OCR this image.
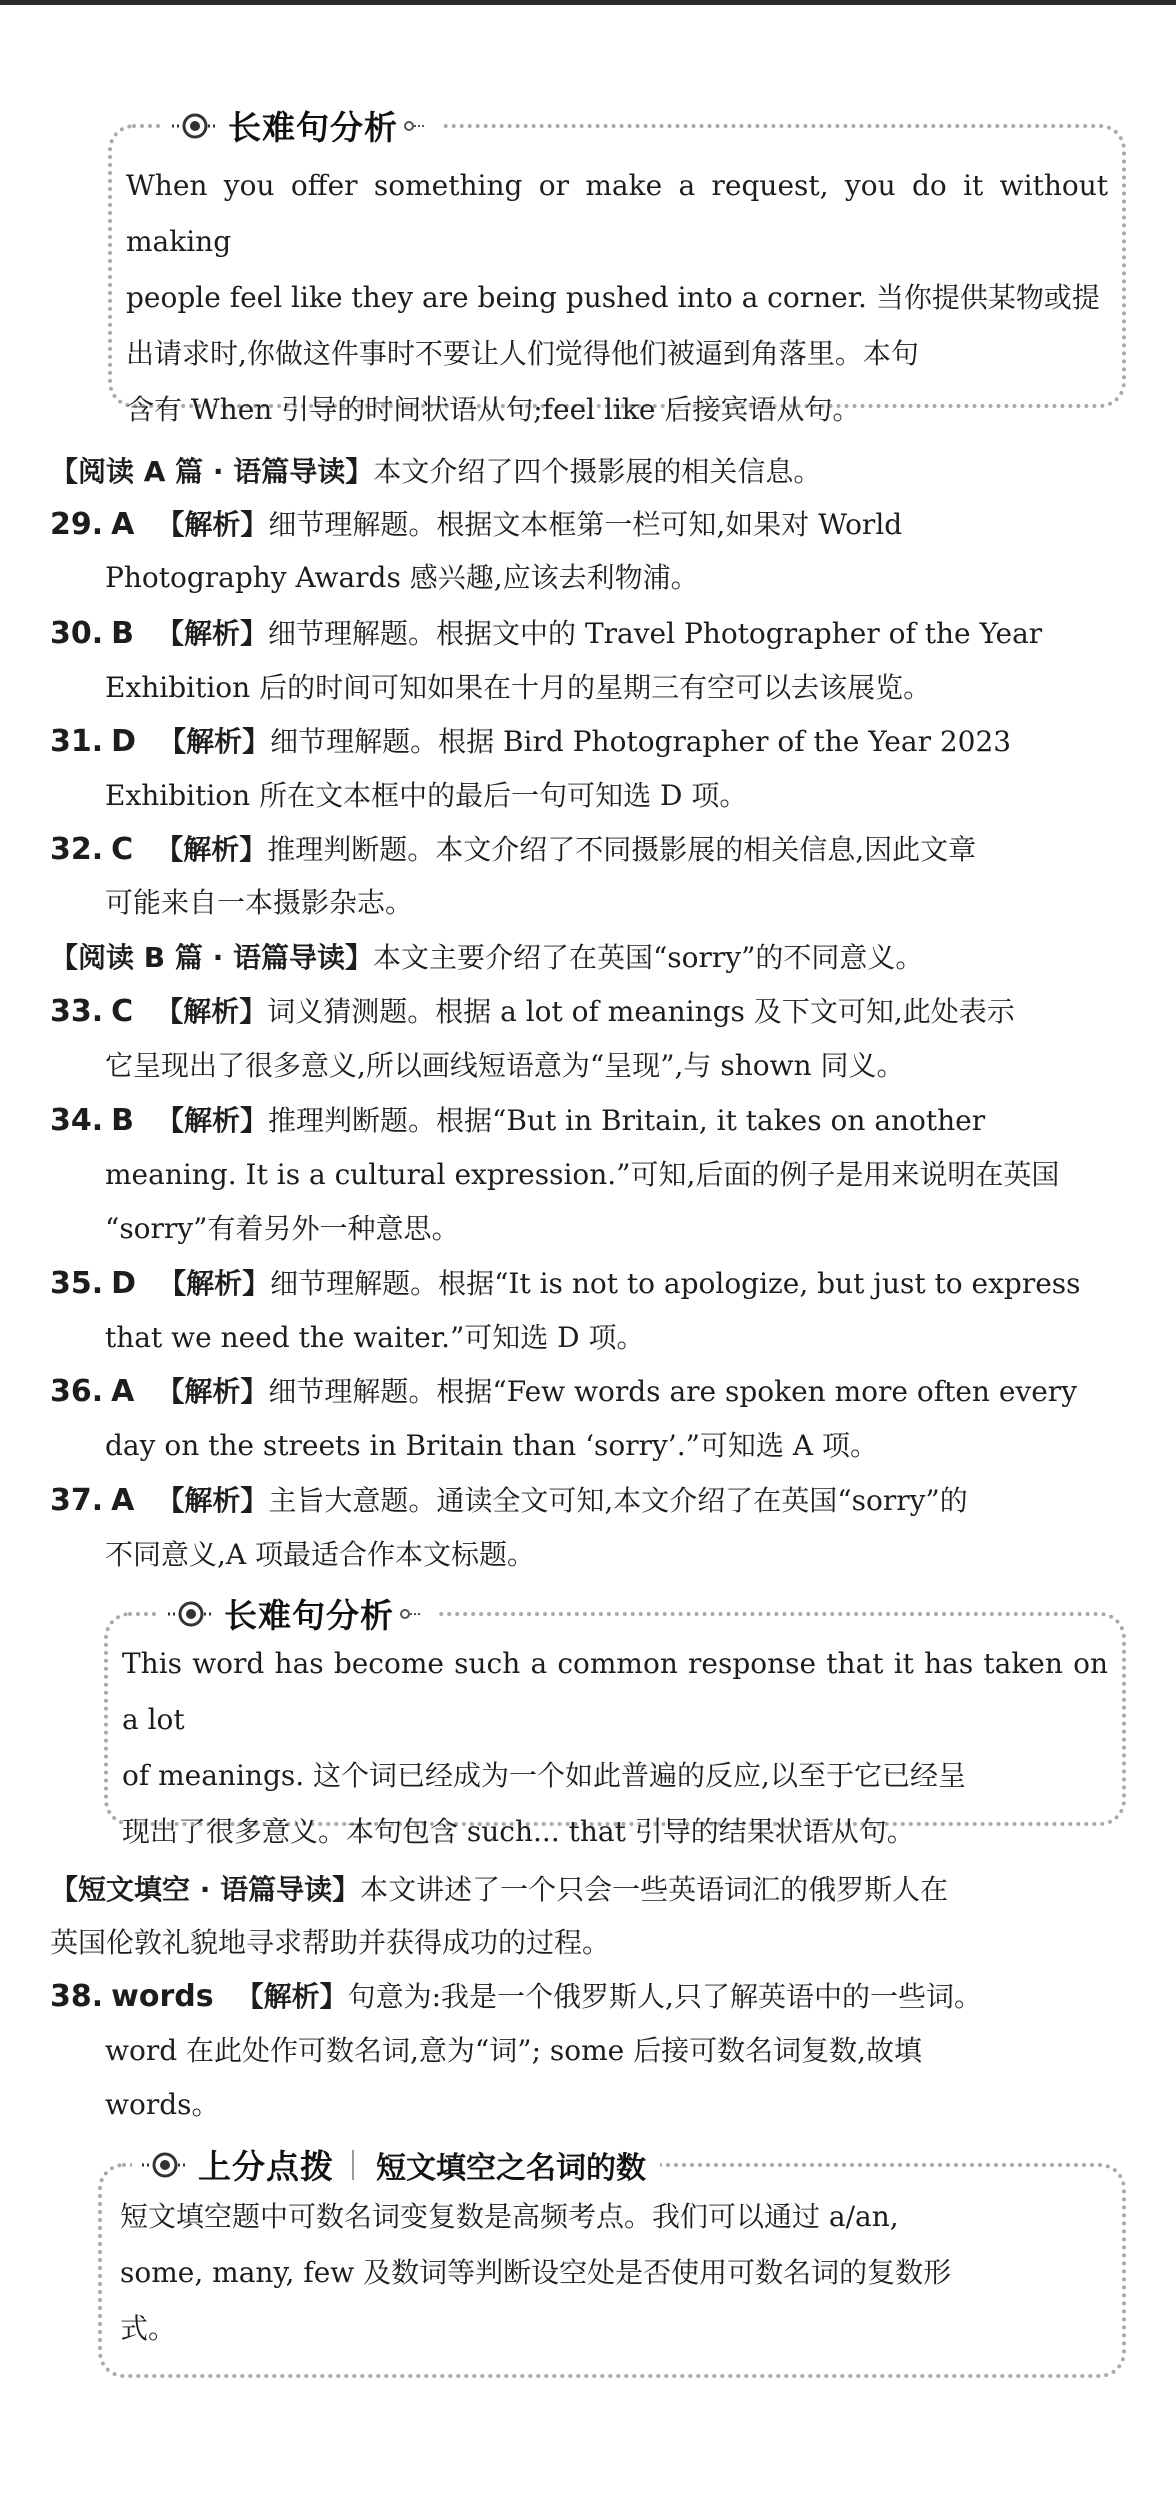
长难句分析
When you offer something or make a request, you do it without making
people feel like they are being pushed into a corner. 当你提供某物或提
出请求时,你做这件事时不要让人们觉得他们被逼到角落里。本句
含有 When 引导的时间状语从句;feel like 后接宾语从句。
【阅读 A 篇 · 语篇导读】本文介绍了四个摄影展的相关信息。
29. A 【解析】细节理解题。根据文本框第一栏可知,如果对 World
Photography Awards 感兴趣,应该去利物浦。
30. B 【解析】细节理解题。根据文中的 Travel Photographer of the Year
Exhibition 后的时间可知如果在十月的星期三有空可以去该展览。
31. D 【解析】细节理解题。根据 Bird Photographer of the Year 2023
Exhibition 所在文本框中的最后一句可知选 D 项。
32. C 【解析】推理判断题。本文介绍了不同摄影展的相关信息,因此文章
可能来自一本摄影杂志。
【阅读 B 篇 · 语篇导读】本文主要介绍了在英国“sorry”的不同意义。
33. C 【解析】词义猜测题。根据 a lot of meanings 及下文可知,此处表示
它呈现出了很多意义,所以画线短语意为“呈现”,与 shown 同义。
34. B 【解析】推理判断题。根据“But in Britain, it takes on another
meaning. It is a cultural expression.”可知,后面的例子是用来说明在英国
“sorry”有着另外一种意思。
35. D 【解析】细节理解题。根据“It is not to apologize, but just to express
that we need the waiter.”可知选 D 项。
36. A 【解析】细节理解题。根据“Few words are spoken more often every
day on the streets in Britain than ‘sorry’.”可知选 A 项。
37. A 【解析】主旨大意题。通读全文可知,本文介绍了在英国“sorry”的
不同意义,A 项最适合作本文标题。
长难句分析
This word has become such a common response that it has taken on a lot
of meanings. 这个词已经成为一个如此普遍的反应,以至于它已经呈
现出了很多意义。本句包含 such... that 引导的结果状语从句。
【短文填空 · 语篇导读】本文讲述了一个只会一些英语词汇的俄罗斯人在
英国伦敦礼貌地寻求帮助并获得成功的过程。
38. words 【解析】句意为:我是一个俄罗斯人,只了解英语中的一些词。
word 在此处作可数名词,意为“词”; some 后接可数名词复数,故填
words。
上分点拨 短文填空之名词的数
短文填空题中可数名词变复数是高频考点。我们可以通过 a/an,
some, many, few 及数词等判断设空处是否使用可数名词的复数形
式。
